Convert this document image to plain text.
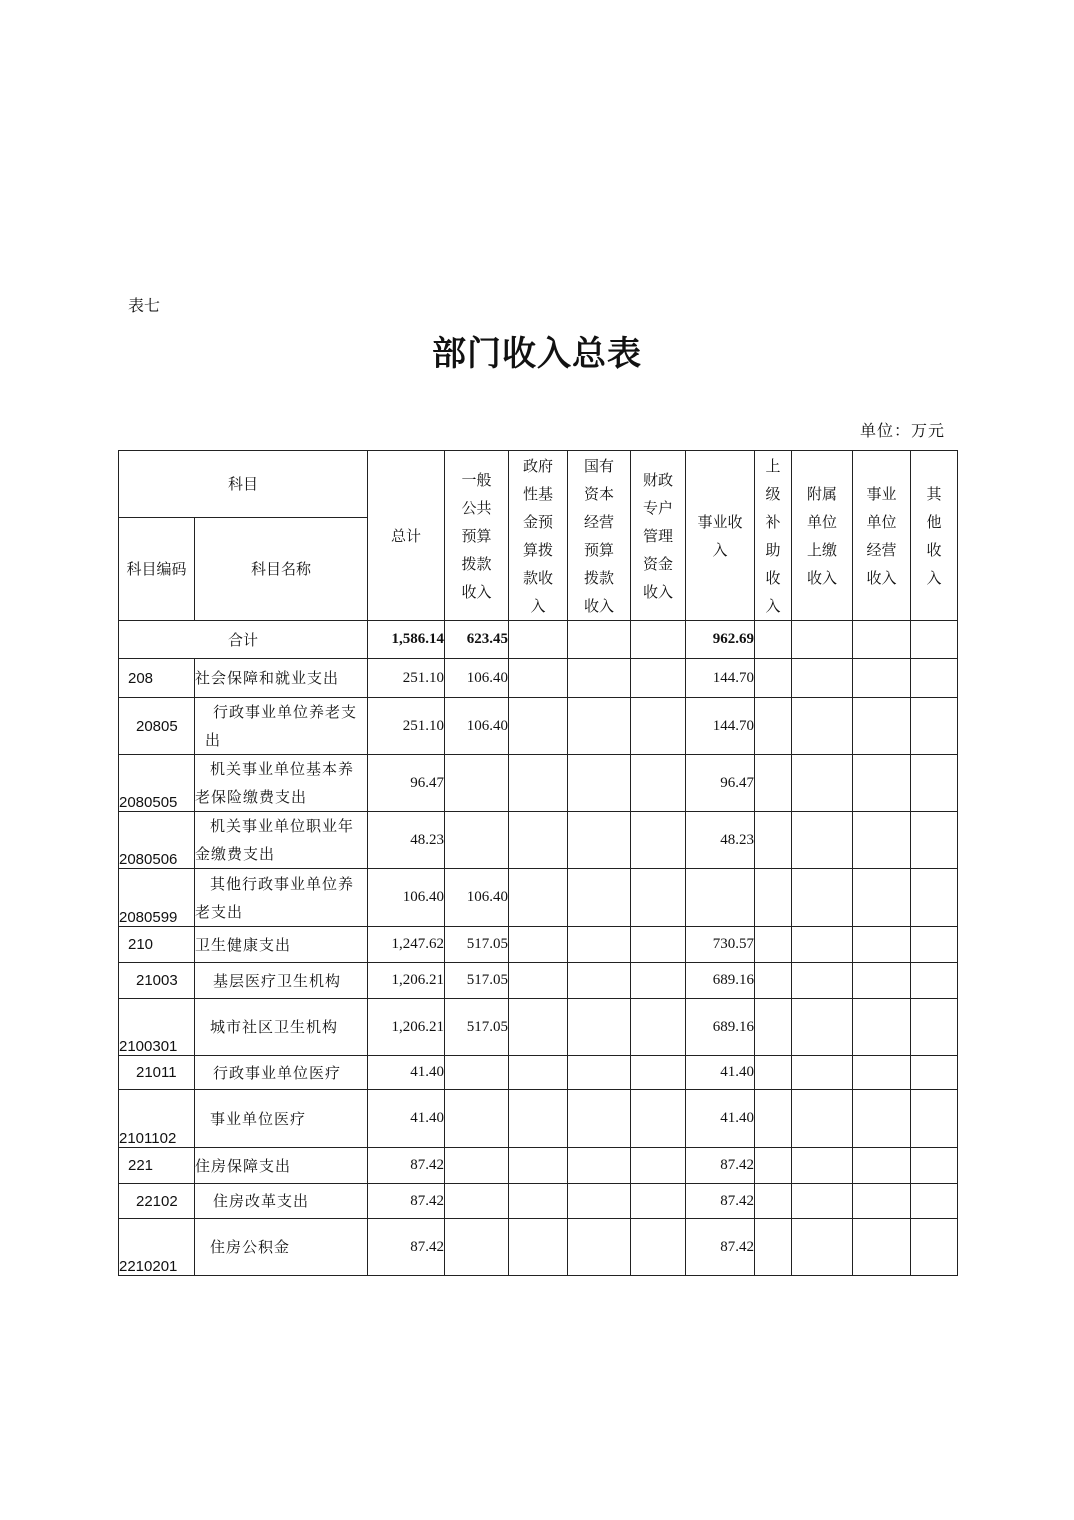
表七
部门收入总表
单位：万元
科目		总计	一般公共预算拨款收入	政府性基金预算拨款收入	国有资本经营预算拨款收入	财政专户管理资金收入	事业收入	上级补助收入	附属单位上缴收入	事业单位经营收入	其他收入
科目编码	科目名称										
合计		1,586.14	623.45				962.69				
208	社会保障和就业支出	251.10	106.40				144.70				
20805	行政事业单位养老支出	251.10	106.40				144.70				
2080505	机关事业单位基本养老保险缴费支出	96.47					96.47				
2080506	机关事业单位职业年金缴费支出	48.23					48.23				
2080599	其他行政事业单位养老支出	106.40	106.40								
210	卫生健康支出	1,247.62	517.05				730.57				
21003	基层医疗卫生机构	1,206.21	517.05				689.16				
2100301	城市社区卫生机构	1,206.21	517.05				689.16				
21011	行政事业单位医疗	41.40					41.40				
2101102	事业单位医疗	41.40					41.40				
221	住房保障支出	87.42					87.42				
22102	住房改革支出	87.42					87.42				
2210201	住房公积金	87.42					87.42				
